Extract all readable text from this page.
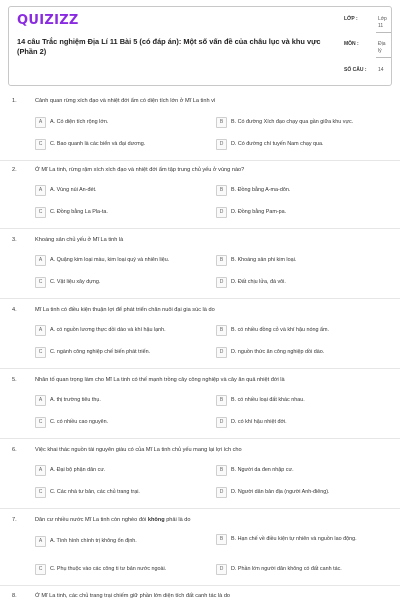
QUIZIZZ
14 câu Trắc nghiệm Địa Lí 11 Bài 5 (có đáp án): Một số vấn đề của châu lục và khu vực (Phần 2)
LỚP :	Lớp 11
MÔN :	Địa lý
SỐ CÂU : 14
1.	Cảnh quan rừng xích đạo và nhiệt đới ẩm có diện tích lớn ở Mĩ La tinh vì
A	A. Có diện tích rộng lớn.	B	B. Có đường Xích đạo chạy qua gần giữa khu vực.
C	C. Bao quanh là các biển và đại dương.	D	D. Có đường chí tuyến Nam chạy qua.
2.	Ở Mĩ La tinh, rừng rậm xích xích đạo và nhiệt đới ẩm tập trung chủ yếu ở vùng nào?
A	A. Vùng núi An-đét.	B	B. Đồng bằng A-ma-dôn.
C	C. Đồng bằng La Pla-ta.	D	D. Đồng bằng Pam-pa.
3.	Khoáng sản chủ yếu ở Mĩ La tinh là
A	A. Quặng kim loại màu, kim loại quý và nhiên liệu.	B	B. Khoáng sản phi kim loại.
C	C. Vật liệu xây dựng.	D	D. Đất chịu lửa, đá vôi.
4.	Mĩ La tinh có điều kiện thuận lợi để phát triển chăn nuôi đại gia súc là do
A	A. có nguồn lương thực dồi dào và khí hậu lạnh.	B	B. có nhiều đồng cỏ và khí hậu nóng ẩm.
C	C. ngành công nghiệp chế biến phát triển.	D	D. nguồn thức ăn công nghiệp dồi dào.
5.	Nhân tố quan trọng làm cho Mĩ La tinh có thế mạnh trồng cây công nghiệp và cây ăn quả nhiệt đới là
A	A. thị trường tiêu thụ.	B	B. có nhiều loại đất khác nhau.
C	C. có nhiều cao nguyên.	D	D. có khí hậu nhiệt đới.
6.	Việc khai thác nguồn tài nguyên giàu có của Mĩ La tinh chủ yếu mang lại lợi ích cho
A	A. Đại bộ phận dân cư.	B	B. Người da đen nhập cư.
C	C. Các nhà tư bản, các chủ trang trại.	D	D. Người dân bản địa (người Anh-điêng).
7.	Dân cư nhiều nước Mĩ La tinh còn nghèo đói không phải là do
A	A. Tình hình chính trị không ổn định.	B	B. Hạn chế về điều kiện tự nhiên và nguồn lao động.
C	C. Phụ thuộc vào các công ti tư bản nước ngoài.	D	D. Phần lớn người dân không có đất canh tác.
8.	Ở Mĩ La tinh, các chủ trang trại chiếm giữ phần lớn diện tích đất canh tác là do
